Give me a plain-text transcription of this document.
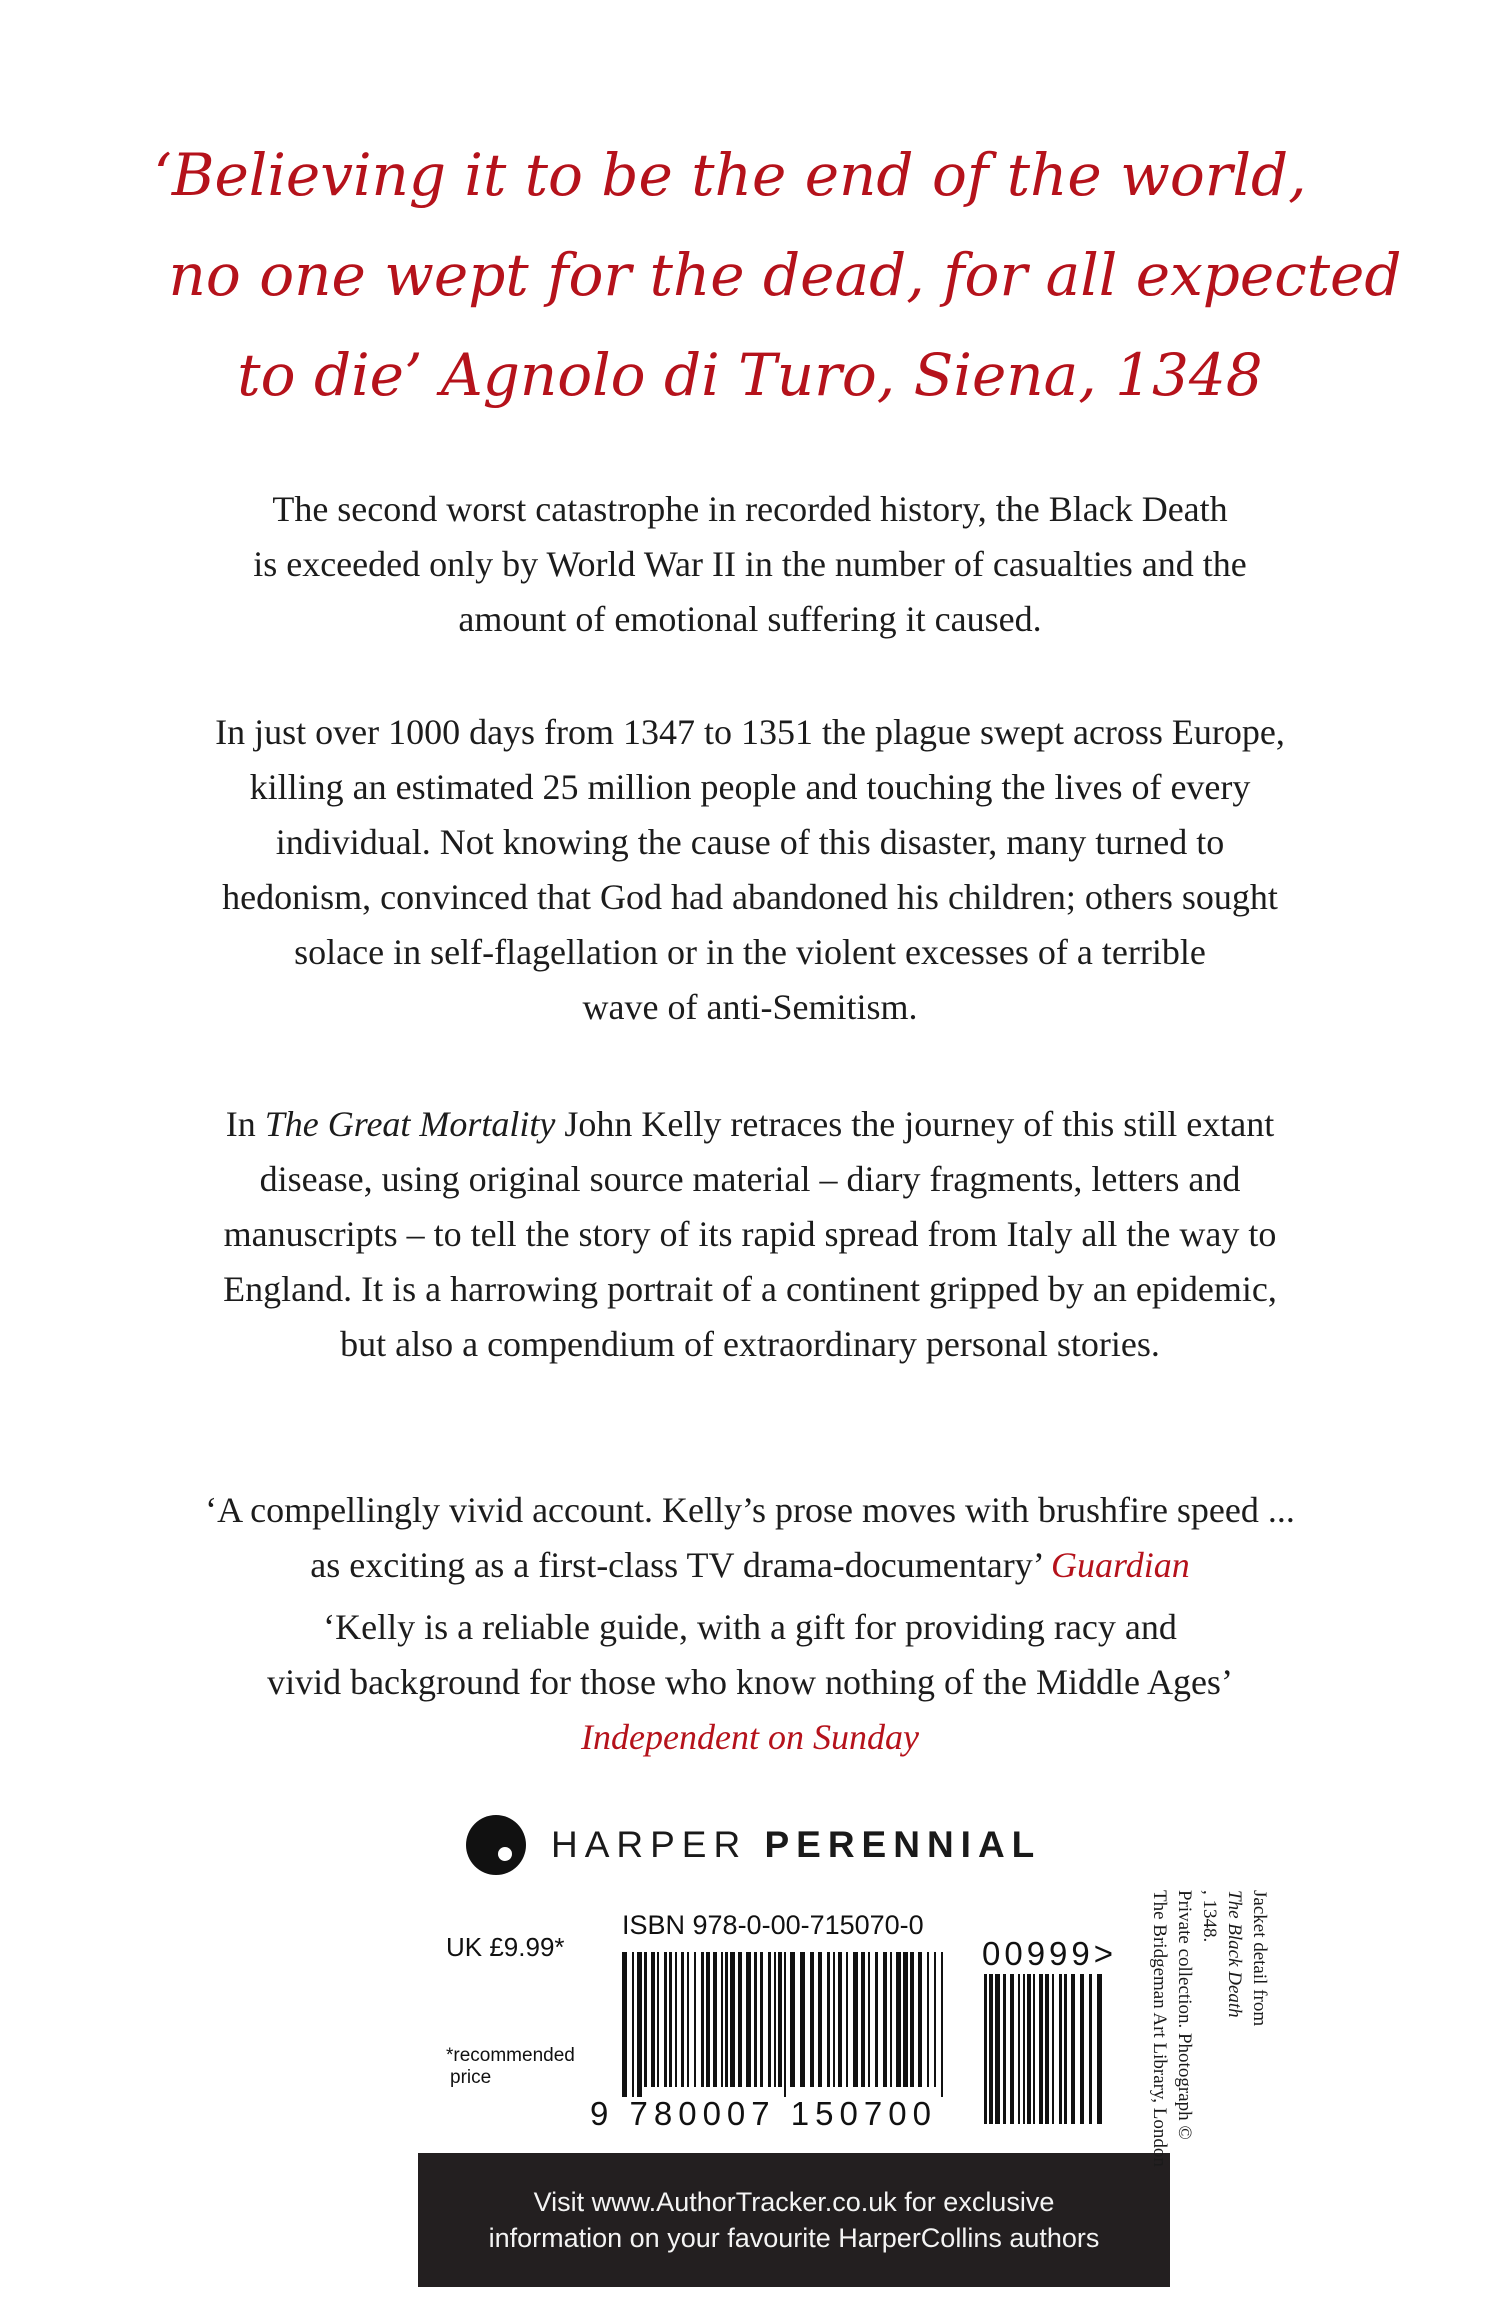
‘Believing it to be the end of the world,
no one wept for the dead, for all expected
to die’ Agnolo di Turo, Siena, 1348
The second worst catastrophe in recorded history, the Black Death
is exceeded only by World War II in the number of casualties and the
amount of emotional suffering it caused.
In just over 1000 days from 1347 to 1351 the plague swept across Europe,
killing an estimated 25 million people and touching the lives of every
individual. Not knowing the cause of this disaster, many turned to
hedonism, convinced that God had abandoned his children; others sought
solace in self-flagellation or in the violent excesses of a terrible
wave of anti-Semitism.
In The Great Mortality John Kelly retraces the journey of this still extant
disease, using original source material – diary fragments, letters and
manuscripts – to tell the story of its rapid spread from Italy all the way to
England. It is a harrowing portrait of a continent gripped by an epidemic,
but also a compendium of extraordinary personal stories.
‘A compellingly vivid account. Kelly’s prose moves with brushfire speed ...
as exciting as a first-class TV drama-documentary’ Guardian
‘Kelly is a reliable guide, with a gift for providing racy and
vivid background for those who know nothing of the Middle Ages’
Independent on Sunday
HARPER PERENNIAL
UK £9.99*
*recommended
price
ISBN 978-0-00-715070-0
9 780007 150700
00999>
Visit www.AuthorTracker.co.uk for exclusive
information on your favourite HarperCollins authors
Jacket detail from
The Black Death
, 1348.
Private collection. Photograph ©
The Bridgeman Art Library, London
